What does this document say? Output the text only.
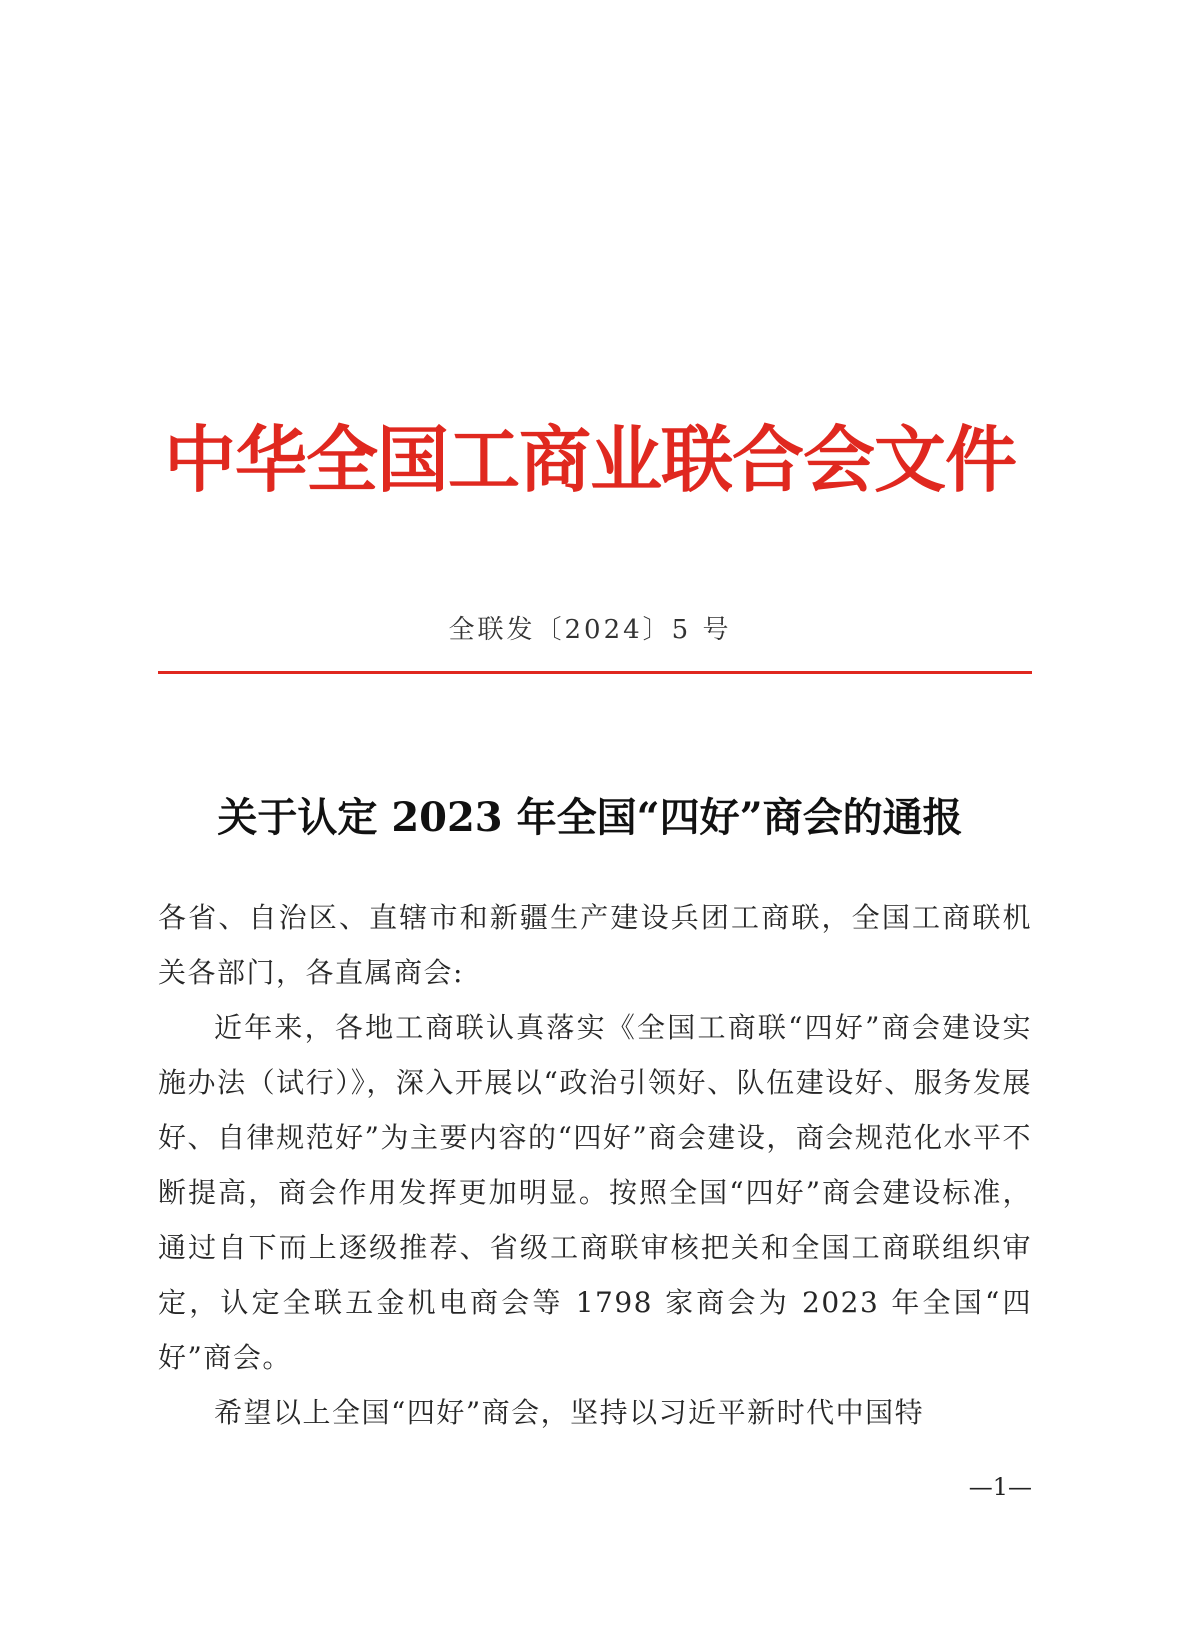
中华全国工商业联合会文件
全联发〔2024〕5 号
关于认定 2023 年全国“四好”商会的通报

各省、自治区、直辖市和新疆生产建设兵团工商联，全国工商联机关各部门，各直属商会:

近年来，各地工商联认真落实《全国工商联“四好”商会建设实施办法（试行）》，深入开展以“政治引领好、队伍建设好、服务发展好、自律规范好”为主要内容的“四好”商会建设，商会规范化水平不断提高，商会作用发挥更加明显。按照全国“四好”商会建设标准，通过自下而上逐级推荐、省级工商联审核把关和全国工商联组织审定，认定全联五金机电商会等 1798 家商会为 2023 年全国“四好”商会。

希望以上全国“四好”商会，坚持以习近平新时代中国特

—1—
